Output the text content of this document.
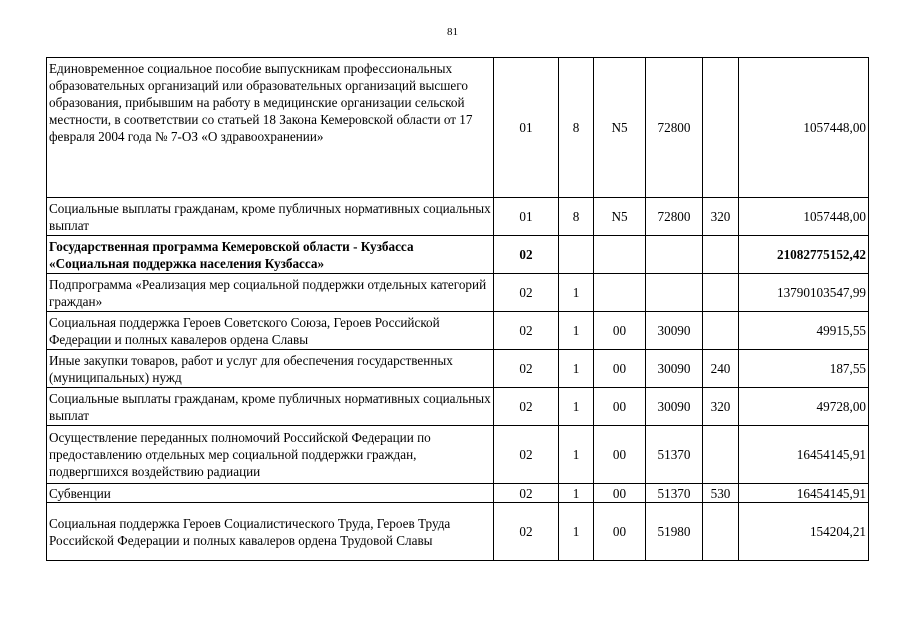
81
Единовременное социальное пособие выпускникам профессиональных образовательных организаций или образовательных организаций высшего образования, прибывшим на работу в медицинские организации сельской местности, в соответствии со статьей 18 Закона Кемеровской области от 17 февраля 2004 года № 7-ОЗ «О здравоохранении»	01	8	N5	72800		1057448,00
Социальные выплаты гражданам, кроме публичных нормативных социальных выплат	01	8	N5	72800	320	1057448,00
Государственная программа Кемеровской области - Кузбасса «Социальная поддержка населения Кузбасса»	02					21082775152,42
Подпрограмма «Реализация мер социальной поддержки отдельных категорий граждан»	02	1				13790103547,99
Социальная поддержка Героев Советского Союза, Героев Российской Федерации и полных кавалеров ордена Славы	02	1	00	30090		49915,55
Иные закупки товаров, работ и услуг для обеспечения государственных (муниципальных) нужд	02	1	00	30090	240	187,55
Социальные выплаты гражданам, кроме публичных нормативных социальных выплат	02	1	00	30090	320	49728,00
Осуществление переданных полномочий Российской Федерации по предоставлению отдельных мер социальной поддержки граждан, подвергшихся воздействию радиации	02	1	00	51370		16454145,91
Субвенции	02	1	00	51370	530	16454145,91
Социальная поддержка Героев Социалистического Труда, Героев Труда Российской Федерации и полных кавалеров ордена Трудовой Славы	02	1	00	51980		154204,21
